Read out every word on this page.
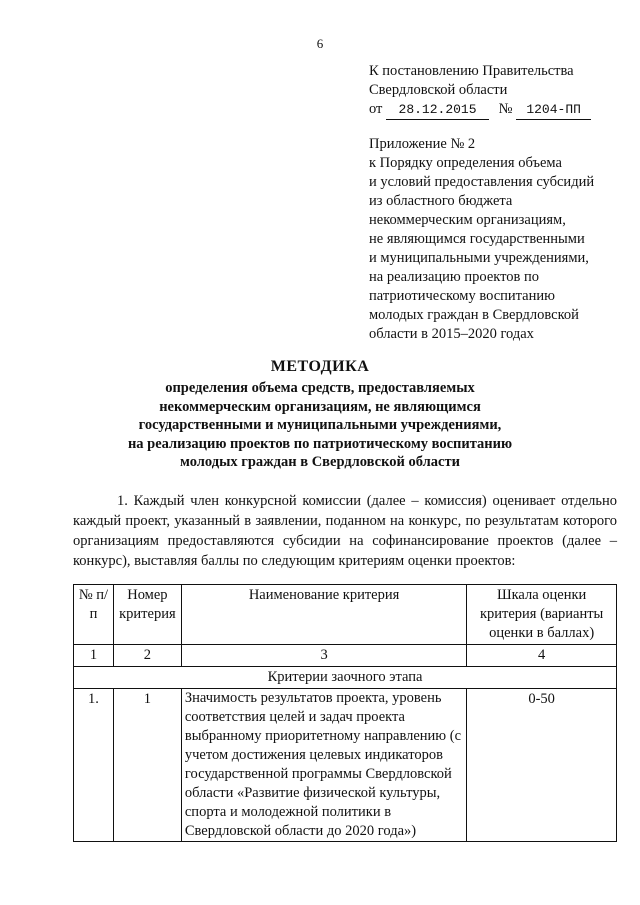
6
К постановлению Правительства
Свердловской области
от 28.12.2015 № 1204-ПП
Приложение № 2
к Порядку определения объема
и условий предоставления субсидий
из областного бюджета
некоммерческим организациям,
не являющимся государственными
и муниципальными учреждениями,
на реализацию проектов по
патриотическому воспитанию
молодых граждан в Свердловской
области в 2015–2020 годах
МЕТОДИКА
определения объема средств, предоставляемых
некоммерческим организациям, не являющимся
государственными и муниципальными учреждениями,
на реализацию проектов по патриотическому воспитанию
молодых граждан в Свердловской области
1. Каждый член конкурсной комиссии (далее – комиссия) оценивает отдельно каждый проект, указанный в заявлении, поданном на конкурс, по результатам которого организациям предоставляются субсидии на софинансирование проектов (далее – конкурс), выставляя баллы по следующим критериям оценки проектов:
№ п/п	Номер критерия	Наименование критерия	Шкала оценки критерия (варианты оценки в баллах)
1	2	3	4
Критерии заочного этапа			
1.	1	Значимость результатов проекта, уровень соответствия целей и задач проекта выбранному приоритетному направлению (с учетом достижения целевых индикаторов государственной программы Свердловской области «Развитие физической культуры, спорта и молодежной политики в Свердловской области до 2020 года»)	0-50
